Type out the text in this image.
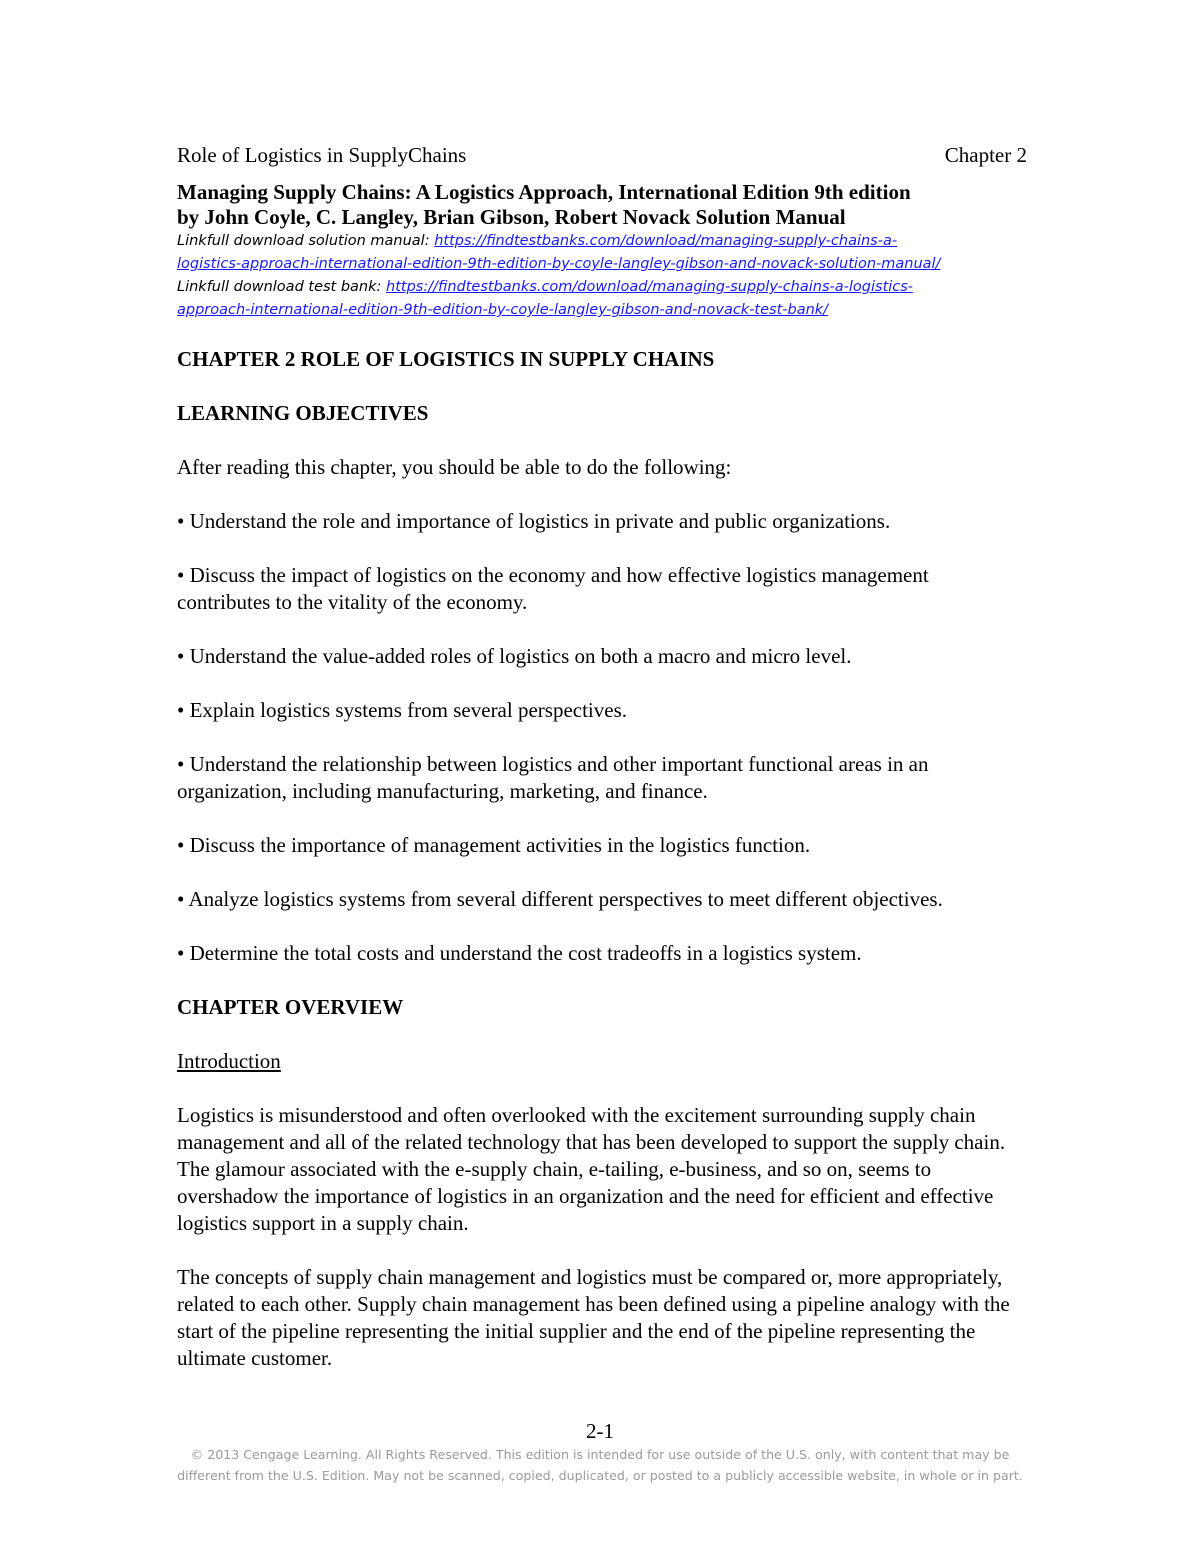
Role of Logistics in SupplyChains	Chapter 2
Managing Supply Chains: A Logistics Approach, International Edition 9th edition
by John Coyle, C. Langley, Brian Gibson, Robert Novack Solution Manual
Linkfull download solution manual: https://findtestbanks.com/download/managing-supply-chains-a-
logistics-approach-international-edition-9th-edition-by-coyle-langley-gibson-and-novack-solution-manual/
Linkfull download test bank: https://findtestbanks.com/download/managing-supply-chains-a-logistics-
approach-international-edition-9th-edition-by-coyle-langley-gibson-and-novack-test-bank/

CHAPTER 2 ROLE OF LOGISTICS IN SUPPLY CHAINS

LEARNING OBJECTIVES

After reading this chapter, you should be able to do the following:

• Understand the role and importance of logistics in private and public organizations.

• Discuss the impact of logistics on the economy and how effective logistics management contributes to the vitality of the economy.

• Understand the value-added roles of logistics on both a macro and micro level.

• Explain logistics systems from several perspectives.

• Understand the relationship between logistics and other important functional areas in an organization, including manufacturing, marketing, and finance.

• Discuss the importance of management activities in the logistics function.

• Analyze logistics systems from several different perspectives to meet different objectives.

• Determine the total costs and understand the cost tradeoffs in a logistics system.

CHAPTER OVERVIEW

Introduction

Logistics is misunderstood and often overlooked with the excitement surrounding supply chain management and all of the related technology that has been developed to support the supply chain. The glamour associated with the e-supply chain, e-tailing, e-business, and so on, seems to overshadow the importance of logistics in an organization and the need for efficient and effective logistics support in a supply chain.

The concepts of supply chain management and logistics must be compared or, more appropriately, related to each other. Supply chain management has been defined using a pipeline analogy with the start of the pipeline representing the initial supplier and the end of the pipeline representing the ultimate customer.

2-1
© 2013 Cengage Learning. All Rights Reserved. This edition is intended for use outside of the U.S. only, with content that may be different from the U.S. Edition. May not be scanned, copied, duplicated, or posted to a publicly accessible website, in whole or in part.
